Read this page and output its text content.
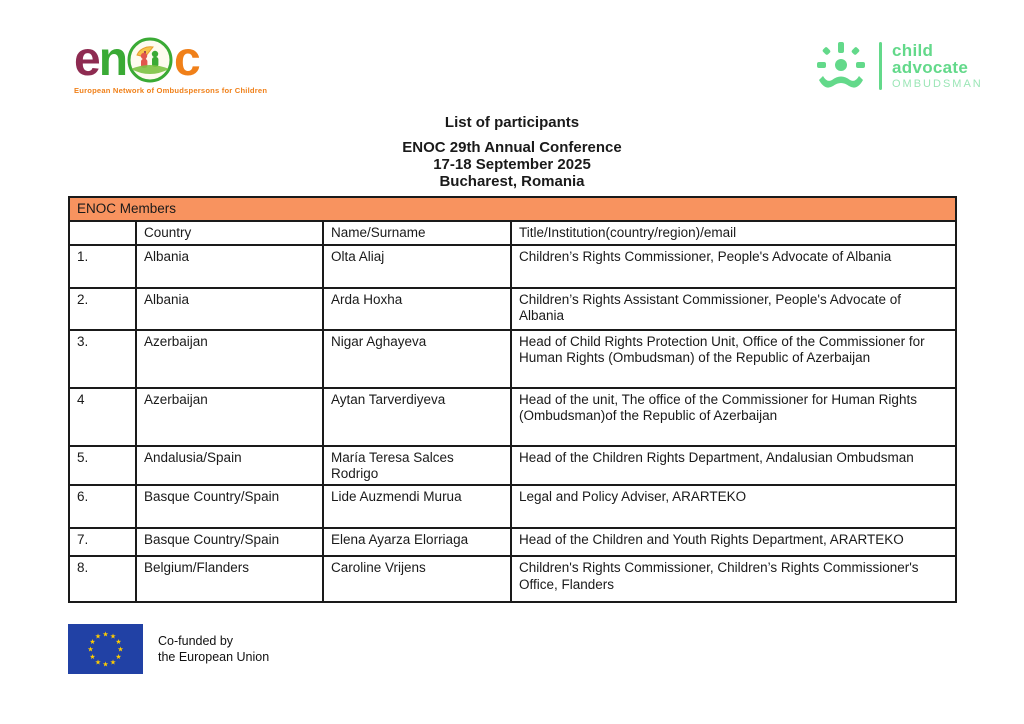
e n c
European Network of Ombudspersons for Children
child
advocate
OMBUDSMAN
List of participants
ENOC 29th Annual Conference
17-18 September 2025
Bucharest, Romania
ENOC Members			
	Country	Name/Surname	Title/Institution(country/region)/email
1.	Albania	Olta Aliaj	Children’s Rights Commissioner, People's Advocate of Albania
2.	Albania	Arda Hoxha	Children’s Rights Assistant Commissioner, People's Advocate of Albania
3.	Azerbaijan	Nigar Aghayeva	Head of Child Rights Protection Unit, Office of the Commissioner for Human Rights (Ombudsman) of the Republic of Azerbaijan
4	Azerbaijan	Aytan Tarverdiyeva	Head of the unit, The office of the Commissioner for Human Rights (Ombudsman)of the Republic of Azerbaijan
5.	Andalusia/Spain	María Teresa Salces Rodrigo	Head of the Children Rights Department, Andalusian Ombudsman
6.	Basque Country/Spain	Lide Auzmendi Murua	Legal and Policy Adviser, ARARTEKO
7.	Basque Country/Spain	Elena Ayarza Elorriaga	Head of the Children and Youth Rights Department, ARARTEKO
8.	Belgium/Flanders	Caroline Vrijens	Children's Rights Commissioner, Children’s Rights Commissioner's Office, Flanders
★ ★
★
★
★
★
★
★
★
★
★
★	Co-funded by
the European Union
